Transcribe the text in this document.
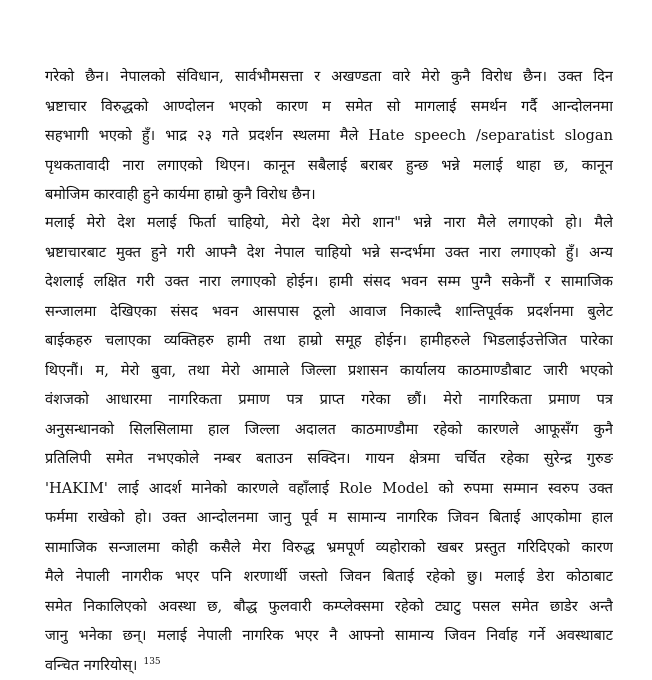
गरेको छैन। नेपालको संविधान, सार्वभौमसत्ता र अखण्डता वारे मेरो कुनै विरोध छैन। उक्त दिन
भ्रष्टाचार विरुद्धको आण्दोलन भएको कारण म समेत सो मागलाई समर्थन गर्दै आन्दोलनमा
सहभागी भएको हुँ। भाद्र २३ गते प्रदर्शन स्थलमा मैले Hate speech /separatist slogan
पृथकतावादी नारा लगाएको थिएन। कानून सबैलाई बराबर हुन्छ भन्ने मलाई थाहा छ, कानून
बमोजिम कारवाही हुने कार्यमा हाम्रो कुनै विरोध छैन।
मलाई मेरो देश मलाई फिर्ता चाहियो, मेरो देश मेरो शान" भन्ने नारा मैले लगाएको हो। मैले
भ्रष्टाचारबाट मुक्त हुने गरी आफ्नै देश नेपाल चाहियो भन्ने सन्दर्भमा उक्त नारा लगाएको हुँ। अन्य
देशलाई लक्षित गरी उक्त नारा लगाएको होईन। हामी संसद भवन सम्म पुग्नै सकेनौं र सामाजिक
सन्जालमा देखिएका संसद भवन आसपास ठूलो आवाज निकाल्दै शान्तिपूर्वक प्रदर्शनमा बुलेट
बाईकहरु चलाएका व्यक्तिहरु हामी तथा हाम्रो समूह होईन। हामीहरुले भिडलाईउत्तेजित पारेका
थिएनौं। म, मेरो बुवा, तथा मेरो आमाले जिल्ला प्रशासन कार्यालय काठमाण्डौबाट जारी भएको
वंशजको आधारमा नागरिकता प्रमाण पत्र प्राप्त गरेका छौं। मेरो नागरिकता प्रमाण पत्र
अनुसन्धानको सिलसिलामा हाल जिल्ला अदालत काठमाण्डौमा रहेको कारणले आफूसँग कुनै
प्रतिलिपी समेत नभएकोले नम्बर बताउन सक्दिन। गायन क्षेत्रमा चर्चित रहेका सुरेन्द्र गुरुङ
'HAKIM' लाई आदर्श मानेको कारणले वहाँलाई Role Model को रुपमा सम्मान स्वरुप उक्त
फर्ममा राखेको हो। उक्त आन्दोलनमा जानु पूर्व म सामान्य नागरिक जिवन बिताई आएकोमा हाल
सामाजिक सन्जालमा कोही कसैले मेरा विरुद्ध भ्रमपूर्ण व्यहोराको खबर प्रस्तुत गरिदिएको कारण
मैले नेपाली नागरीक भएर पनि शरणार्थी जस्तो जिवन बिताई रहेको छु। मलाई डेरा कोठाबाट
समेत निकालिएको अवस्था छ, बौद्ध फुलवारी कम्प्लेक्समा रहेको ट्याटु पसल समेत छाडेर अन्तै
जानु भनेका छन्। मलाई नेपाली नागरिक भएर नै आफ्नो सामान्य जिवन निर्वाह गर्ने अवस्थाबाट
वन्चित नगरियोस्। $^{135}$
